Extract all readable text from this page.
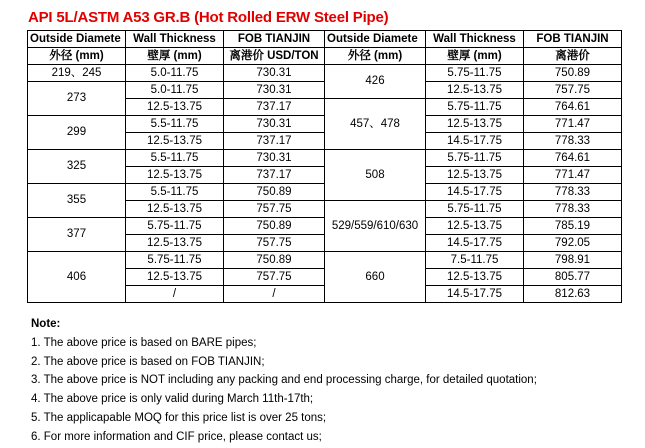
API 5L/ASTM A53 GR.B (Hot Rolled ERW Steel Pipe)
Outside Diamete	Wall Thickness	FOB TIANJIN	Outside Diamete	Wall Thickness	FOB TIANJIN
外径 (mm)	壁厚 (mm)	离港价 USD/TON	外径 (mm)	壁厚 (mm)	离港价
219、245	5.0-11.75	730.31	426	5.75-11.75	750.89
273	5.0-11.75	730.31		12.5-13.75	757.75
	12.5-13.75	737.17	457、478	5.75-11.75	764.61
299	5.5-11.75	730.31		12.5-13.75	771.47
	12.5-13.75	737.17		14.5-17.75	778.33
325	5.5-11.75	730.31	508	5.75-11.75	764.61
	12.5-13.75	737.17		12.5-13.75	771.47
355	5.5-11.75	750.89		14.5-17.75	778.33
	12.5-13.75	757.75	529/559/610/630	5.75-11.75	778.33
377	5.75-11.75	750.89		12.5-13.75	785.19
	12.5-13.75	757.75		14.5-17.75	792.05
406	5.75-11.75	750.89	660	7.5-11.75	798.91
	12.5-13.75	757.75		12.5-13.75	805.77
	/	/		14.5-17.75	812.63
Note:
1. The above price is based on BARE pipes;
2. The above price is based on FOB TIANJIN;
3. The above price is NOT including any packing and end processing charge, for detailed quotation;
4. The above price is only valid during March 11th-17th;
5. The applicapable MOQ for this price list is over 25 tons;
6. For more information and CIF price, please contact us;
